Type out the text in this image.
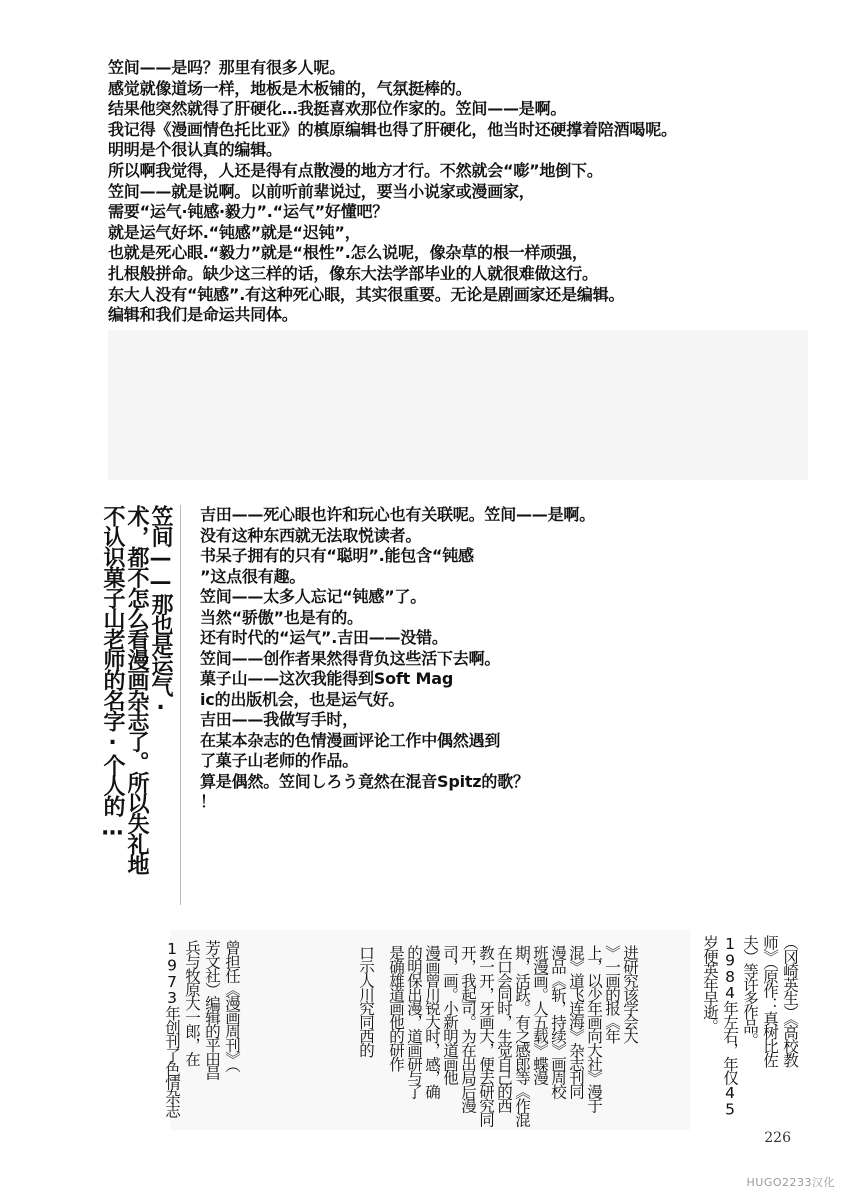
笠间——是吗？那里有很多人呢。
感觉就像道场一样，地板是木板铺的，气氛挺棒的。
结果他突然就得了肝硬化…我挺喜欢那位作家的。笠间——是啊。
我记得《漫画情色托比亚》的槙原编辑也得了肝硬化，他当时还硬撑着陪酒喝呢。
明明是个很认真的编辑。
所以啊我觉得，人还是得有点散漫的地方才行。不然就会“嘭”地倒下。
笠间——就是说啊。以前听前辈说过，要当小说家或漫画家，
需要“运气·钝感·毅力”.“运气”好懂吧？
就是运气好坏.“钝感”就是“迟钝”，
也就是死心眼.“毅力”就是“根性”.怎么说呢，像杂草的根一样顽强，
扎根般拼命。缺少这三样的话，像东大法学部毕业的人就很难做这行。
东大人没有“钝感”.有这种死心眼，其实很重要。无论是剧画家还是编辑。
编辑和我们是命运共同体。
笠间——那也是运气·
术，都不怎么看漫画杂志了。所以失礼地
不认识菓子山老师的名字·个人的…	吉田——死心眼也许和玩心也有关联呢。笠间——是啊。
没有这种东西就无法取悦读者。
书呆子拥有的只有“聪明”.能包含“钝感
”这点很有趣。
笠间——太多人忘记“钝感”了。
当然“骄傲”也是有的。
还有时代的“运气”.吉田——没错。
笠间——创作者果然得背负这些活下去啊。
菓子山——这次我能得到Soft Mag
ic的出版机会，也是运气好。
吉田——我做写手时，
在某本杂志的色情漫画评论工作中偶然遇到
了菓子山老师的作品。
算是偶然。笠间しろう竟然在混音Spitz的歌？
！
（冈崎英生）《高校教
师》（原作：真树比佐
夫）等许多作品。
1984年左右，年仅45
岁便英年早逝。
进研究该学会大
》一画的报《年
上，以少年画向大社》漫于
混》道飞连海》杂志刊同
漫品《斩，持续》画周校
班漫画。人五载》蝶漫
期，活跃。有之感郎等《作混
在口会同时，生觉自己的西
教一开，牙画大，便去研究同
开，我起司。为在出局后漫
司，画。小新明道画他
漫画曾川锐大时，感，确
的明保出漫，道画研与了
是确雄道画他的研作
口示人川究同西的
曾担任《漫画周刊》（
芳文社）编辑的平田昌
兵与牧原大一郎，在
1973年创刊了色情杂志
226
HUGO2233汉化
